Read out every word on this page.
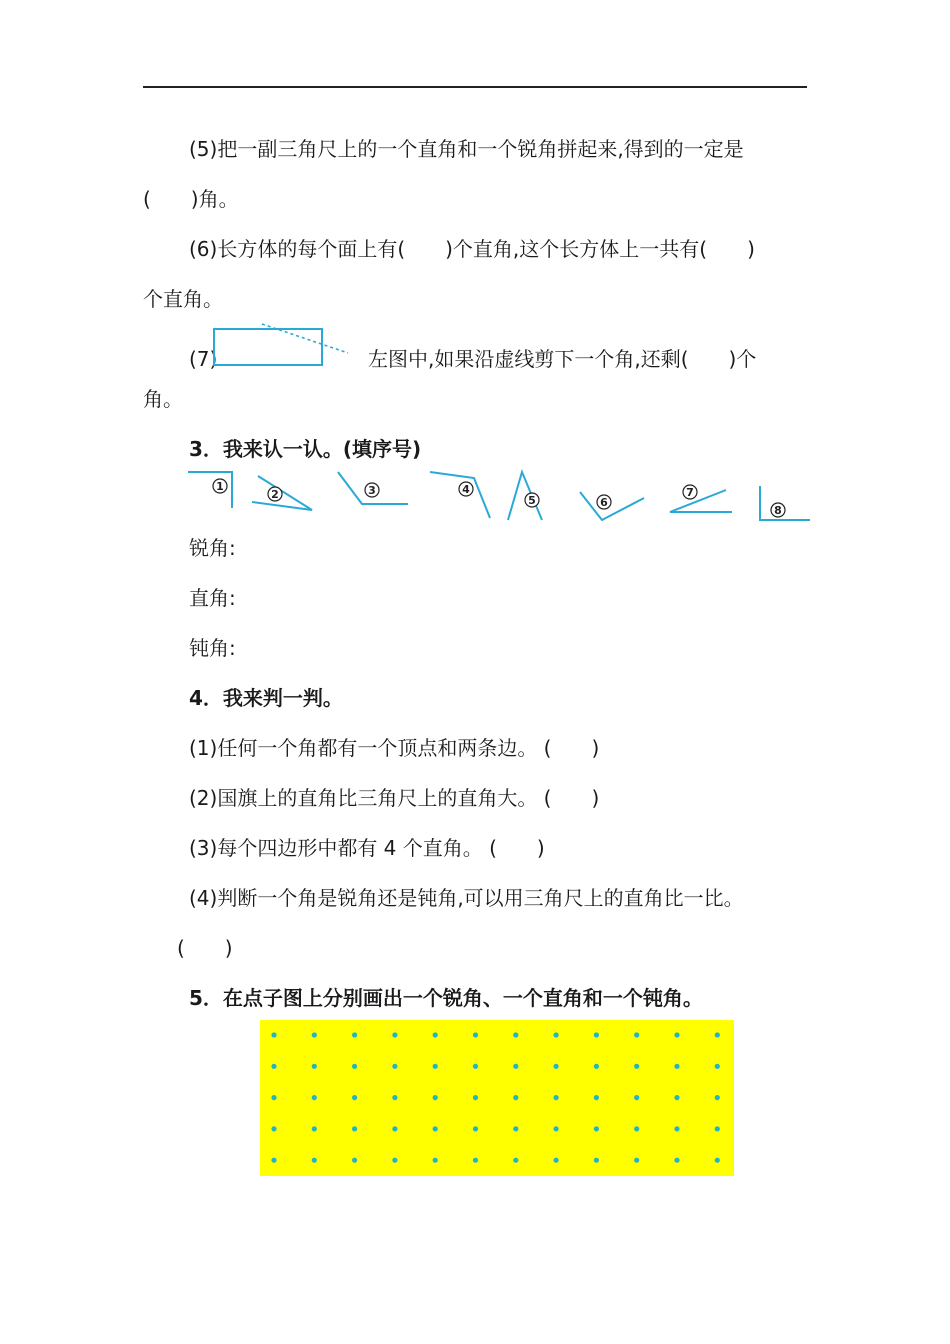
(5)把一副三角尺上的一个直角和一个锐角拼起来,得到的一定是
(　　)角。
(6)长方体的每个面上有(　　)个直角,这个长方体上一共有(　　)
个直角。
(7)	左图中,如果沿虚线剪下一个角,还剩(　　)个
角。
3．我来认一认。(填序号)
1
2	3	4
5	6
7
8
锐角:
直角:
钝角:
4．我来判一判。
(1)任何一个角都有一个顶点和两条边。 (　　)
(2)国旗上的直角比三角尺上的直角大。 (　　)
(3)每个四边形中都有 4 个直角。 (　　)
(4)判断一个角是锐角还是钝角,可以用三角尺上的直角比一比。
(　　)
5．在点子图上分别画出一个锐角、一个直角和一个钝角。
